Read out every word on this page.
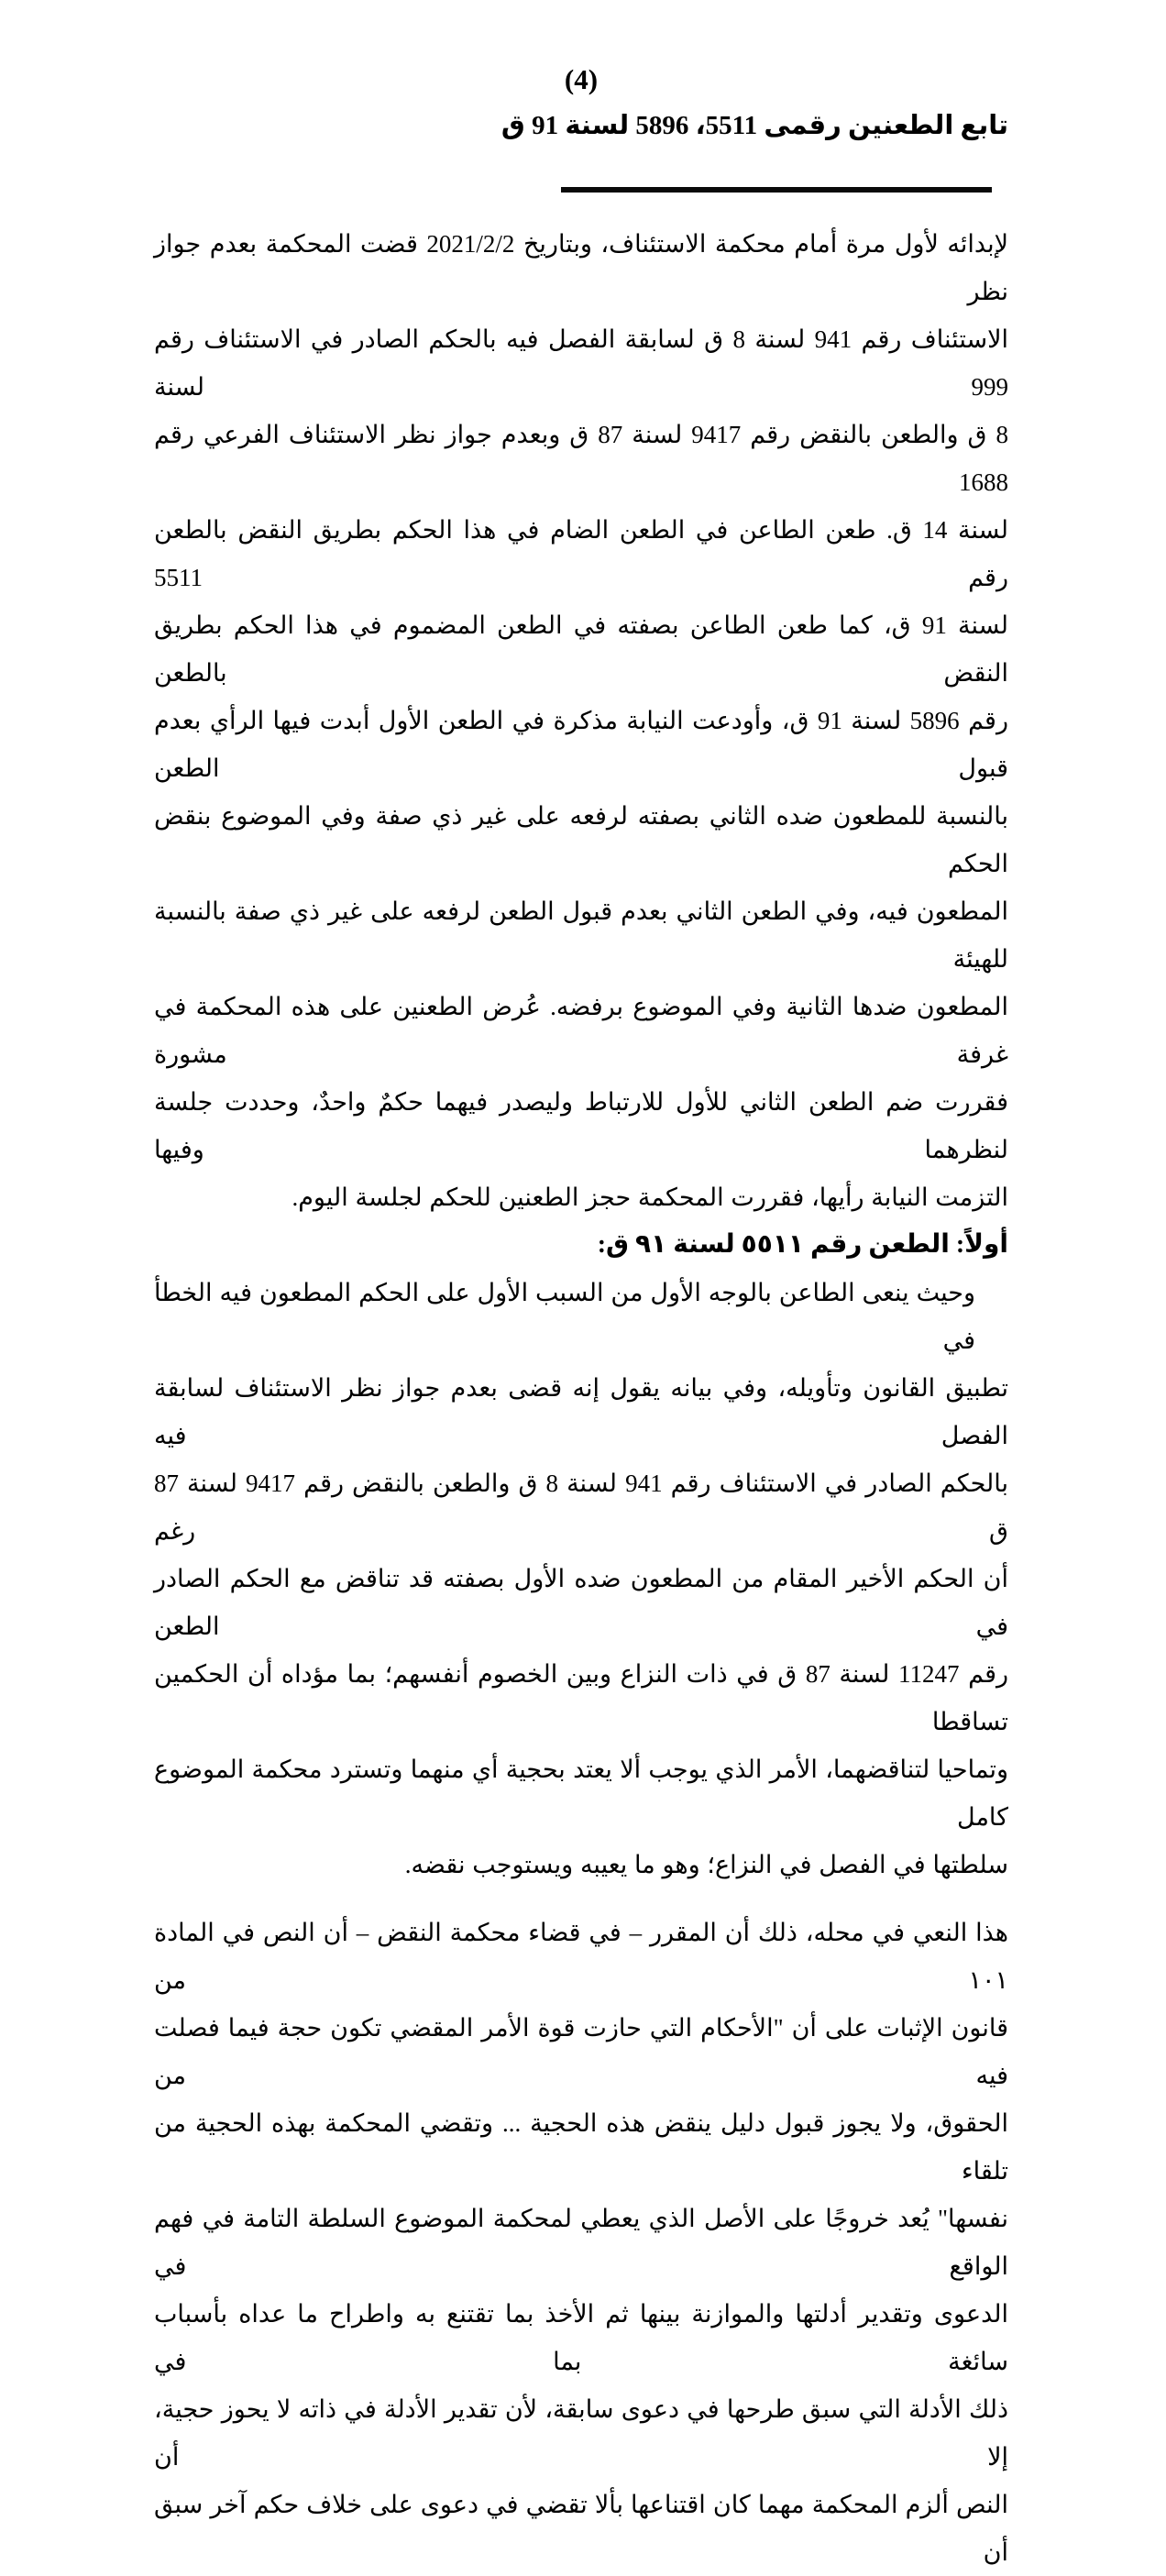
(4)
تابع الطعنين رقمى 5511، 5896 لسنة 91 ق
لإبدائه لأول مرة أمام محكمة الاستئناف، وبتاريخ 2021/2/2 قضت المحكمة بعدم جواز نظر
الاستئناف رقم 941 لسنة 8 ق لسابقة الفصل فيه بالحكم الصادر في الاستئناف رقم 999 لسنة
8 ق والطعن بالنقض رقم 9417 لسنة 87 ق وبعدم جواز نظر الاستئناف الفرعي رقم 1688
لسنة 14 ق. طعن الطاعن في الطعن الضام في هذا الحكم بطريق النقض بالطعن رقم 5511
لسنة 91 ق، كما طعن الطاعن بصفته في الطعن المضموم في هذا الحكم بطريق النقض بالطعن
رقم 5896 لسنة 91 ق، وأودعت النيابة مذكرة في الطعن الأول أبدت فيها الرأي بعدم قبول الطعن
بالنسبة للمطعون ضده الثاني بصفته لرفعه على غير ذي صفة وفي الموضوع بنقض الحكم
المطعون فيه، وفي الطعن الثاني بعدم قبول الطعن لرفعه على غير ذي صفة بالنسبة للهيئة
المطعون ضدها الثانية وفي الموضوع برفضه. عُرض الطعنين على هذه المحكمة في غرفة مشورة
فقررت ضم الطعن الثاني للأول للارتباط وليصدر فيهما حكمٌ واحدٌ، وحددت جلسة لنظرهما وفيها
التزمت النيابة رأيها، فقررت المحكمة حجز الطعنين للحكم لجلسة اليوم.
أولاً: الطعن رقم ٥٥١١ لسنة ٩١ ق:
وحيث ينعى الطاعن بالوجه الأول من السبب الأول على الحكم المطعون فيه الخطأ في
تطبيق القانون وتأويله، وفي بيانه يقول إنه قضى بعدم جواز نظر الاستئناف لسابقة الفصل فيه
بالحكم الصادر في الاستئناف رقم 941 لسنة 8 ق والطعن بالنقض رقم 9417 لسنة 87 ق رغم
أن الحكم الأخير المقام من المطعون ضده الأول بصفته قد تناقض مع الحكم الصادر في الطعن
رقم 11247 لسنة 87 ق في ذات النزاع وبين الخصوم أنفسهم؛ بما مؤداه أن الحكمين تساقطا
وتماحيا لتناقضهما، الأمر الذي يوجب ألا يعتد بحجية أي منهما وتسترد محكمة الموضوع كامل
سلطتها في الفصل في النزاع؛ وهو ما يعيبه ويستوجب نقضه.
هذا النعي في محله، ذلك أن المقرر – في قضاء محكمة النقض – أن النص في المادة ١٠١ من
قانون الإثبات على أن "الأحكام التي حازت قوة الأمر المقضي تكون حجة فيما فصلت فيه من
الحقوق، ولا يجوز قبول دليل ينقض هذه الحجية ... وتقضي المحكمة بهذه الحجية من تلقاء
نفسها" يُعد خروجًا على الأصل الذي يعطي لمحكمة الموضوع السلطة التامة في فهم الواقع في
الدعوى وتقدير أدلتها والموازنة بينها ثم الأخذ بما تقتنع به واطراح ما عداه بأسباب سائغة بما في
ذلك الأدلة التي سبق طرحها في دعوى سابقة، لأن تقدير الأدلة في ذاته لا يحوز حجية، إلا أن
النص ألزم المحكمة مهما كان اقتناعها بألا تقضي في دعوى على خلاف حكم آخر سبق أن
